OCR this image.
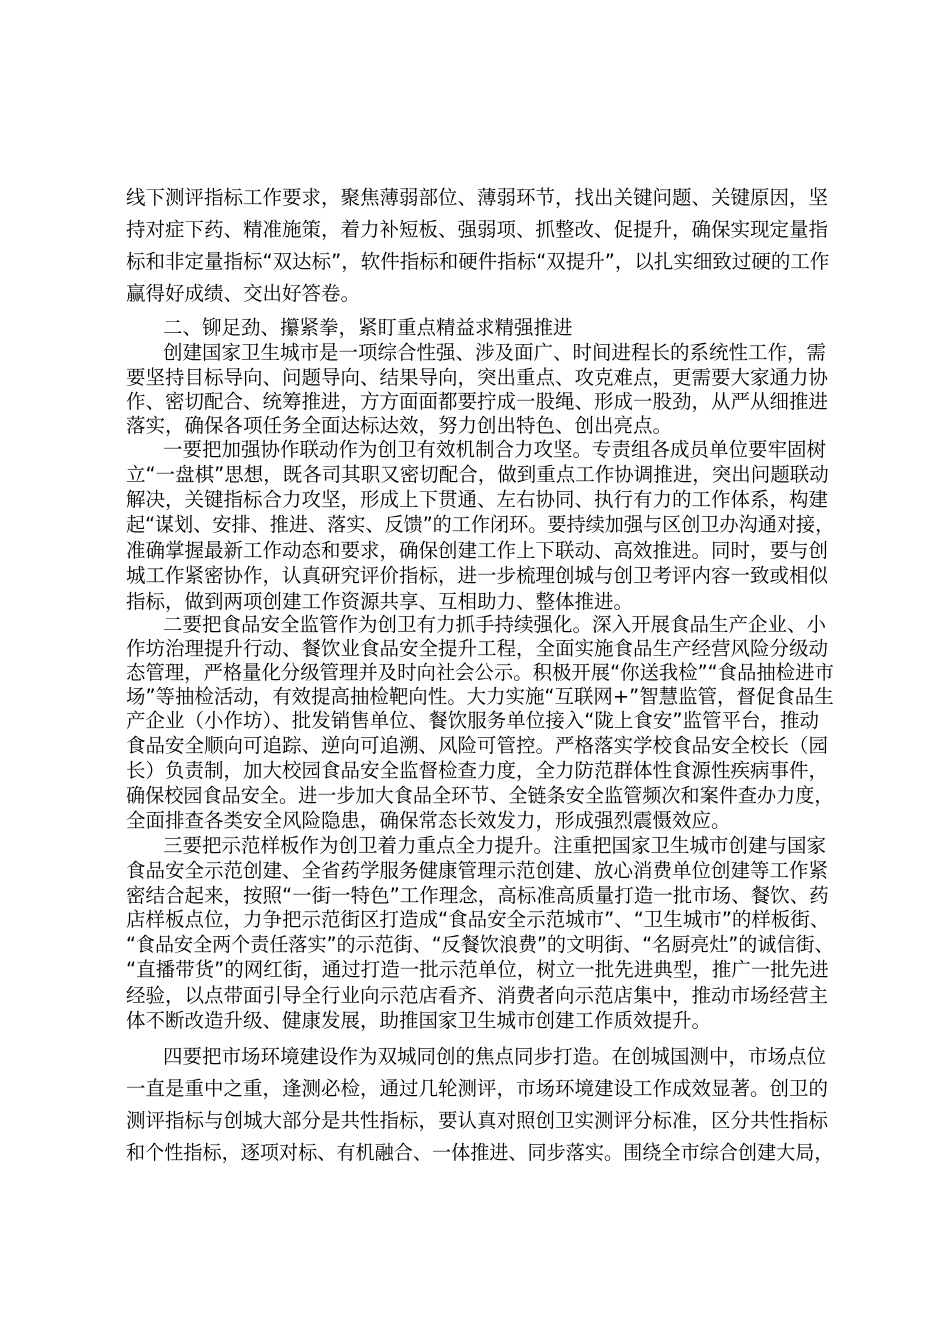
线下测评指标工作要求，聚焦薄弱部位、薄弱环节，找出关键问题、关键原因，坚
持对症下药、精准施策，着力补短板、强弱项、抓整改、促提升，确保实现定量指
标和非定量指标“双达标”，软件指标和硬件指标“双提升”，以扎实细致过硬的工作
赢得好成绩、交出好答卷。
二、铆足劲、攥紧拳，紧盯重点精益求精强推进
创建国家卫生城市是一项综合性强、涉及面广、时间进程长的系统性工作，需
要坚持目标导向、问题导向、结果导向，突出重点、攻克难点，更需要大家通力协
作、密切配合、统筹推进，方方面面都要拧成一股绳、形成一股劲，从严从细推进
落实，确保各项任务全面达标达效，努力创出特色、创出亮点。
一要把加强协作联动作为创卫有效机制合力攻坚。专责组各成员单位要牢固树
立“一盘棋”思想，既各司其职又密切配合，做到重点工作协调推进，突出问题联动
解决，关键指标合力攻坚，形成上下贯通、左右协同、执行有力的工作体系，构建
起“谋划、安排、推进、落实、反馈”的工作闭环。要持续加强与区创卫办沟通对接，
准确掌握最新工作动态和要求，确保创建工作上下联动、高效推进。同时，要与创
城工作紧密协作，认真研究评价指标，进一步梳理创城与创卫考评内容一致或相似
指标，做到两项创建工作资源共享、互相助力、整体推进。
二要把食品安全监管作为创卫有力抓手持续强化。深入开展食品生产企业、小
作坊治理提升行动、餐饮业食品安全提升工程，全面实施食品生产经营风险分级动
态管理，严格量化分级管理并及时向社会公示。积极开展“你送我检”“食品抽检进市
场”等抽检活动，有效提高抽检靶向性。大力实施“互联网+”智慧监管，督促食品生
产企业（小作坊）、批发销售单位、餐饮服务单位接入“陇上食安”监管平台，推动
食品安全顺向可追踪、逆向可追溯、风险可管控。严格落实学校食品安全校长（园
长）负责制，加大校园食品安全监督检查力度，全力防范群体性食源性疾病事件，
确保校园食品安全。进一步加大食品全环节、全链条安全监管频次和案件查办力度，
全面排查各类安全风险隐患，确保常态长效发力，形成强烈震慑效应。
三要把示范样板作为创卫着力重点全力提升。注重把国家卫生城市创建与国家
食品安全示范创建、全省药学服务健康管理示范创建、放心消费单位创建等工作紧
密结合起来，按照“一街一特色”工作理念，高标准高质量打造一批市场、餐饮、药
店样板点位，力争把示范街区打造成“食品安全示范城市”、“卫生城市”的样板街、
“食品安全两个责任落实”的示范街、“反餐饮浪费”的文明街、“名厨亮灶”的诚信街、
“直播带货”的网红街，通过打造一批示范单位，树立一批先进典型，推广一批先进
经验，以点带面引导全行业向示范店看齐、消费者向示范店集中，推动市场经营主
体不断改造升级、健康发展，助推国家卫生城市创建工作质效提升。
四要把市场环境建设作为双城同创的焦点同步打造。在创城国测中，市场点位
一直是重中之重，逢测必检，通过几轮测评，市场环境建设工作成效显著。创卫的
测评指标与创城大部分是共性指标，要认真对照创卫实测评分标准，区分共性指标
和个性指标，逐项对标、有机融合、一体推进、同步落实。围绕全市综合创建大局，
